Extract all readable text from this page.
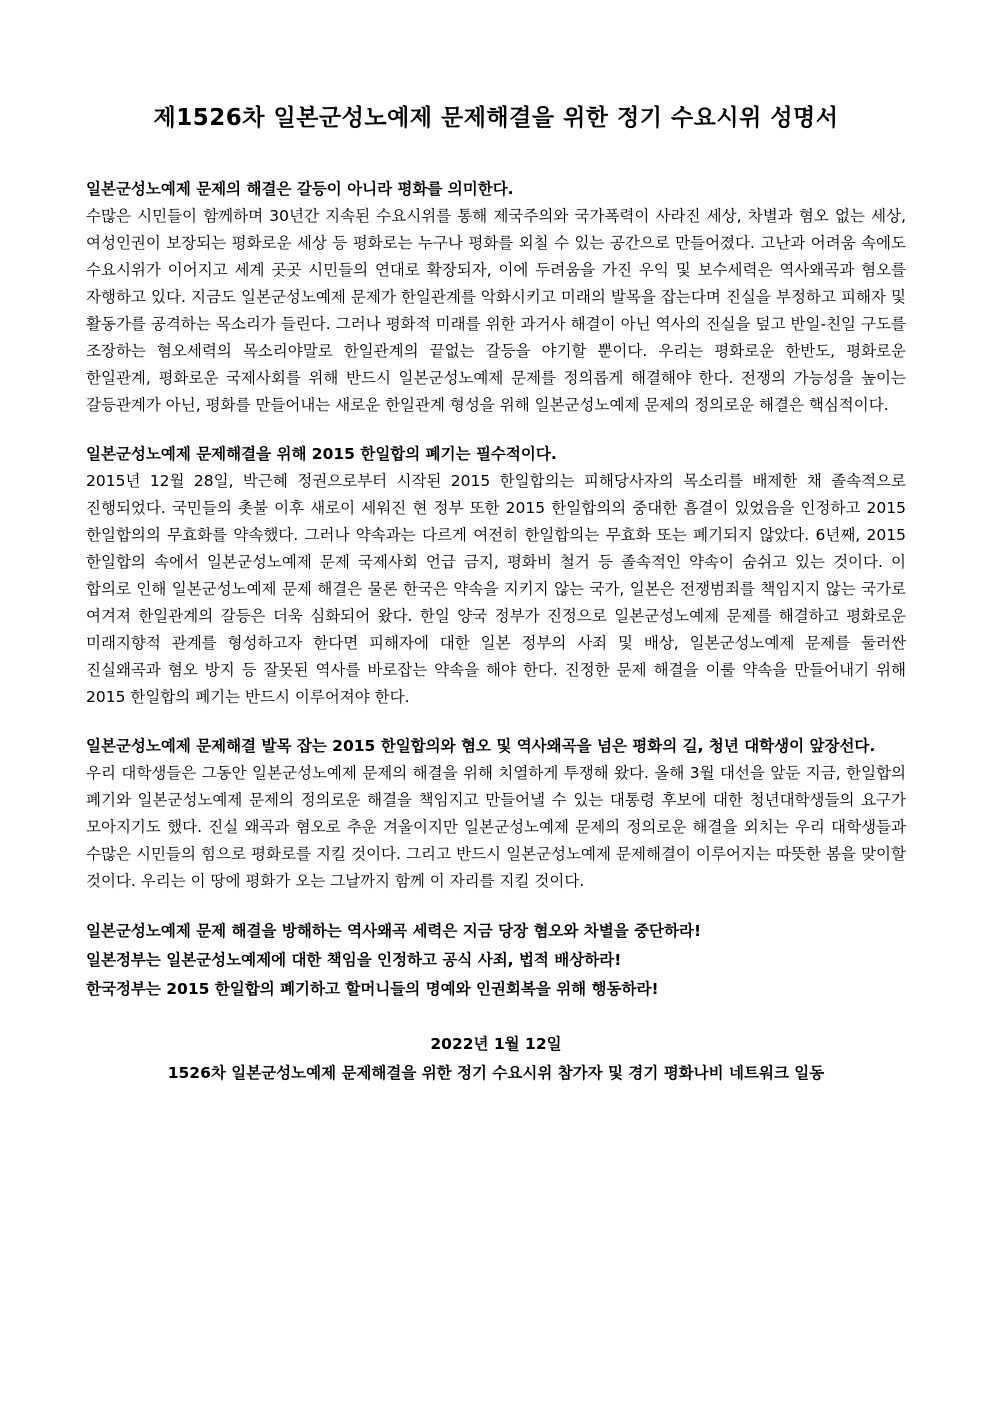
제1526차 일본군성노예제 문제해결을 위한 정기 수요시위 성명서
일본군성노예제 문제의 해결은 갈등이 아니라 평화를 의미한다.
수많은 시민들이 함께하며 30년간 지속된 수요시위를 통해 제국주의와 국가폭력이 사라진 세상, 차별과 혐오 없는 세상, 여성인권이 보장되는 평화로운 세상 등 평화로는 누구나 평화를 외칠 수 있는 공간으로 만들어졌다. 고난과 어려움 속에도 수요시위가 이어지고 세계 곳곳 시민들의 연대로 확장되자, 이에 두려움을 가진 우익 및 보수세력은 역사왜곡과 혐오를 자행하고 있다. 지금도 일본군성노예제 문제가 한일관계를 악화시키고 미래의 발목을 잡는다며 진실을 부정하고 피해자 및 활동가를 공격하는 목소리가 들린다. 그러나 평화적 미래를 위한 과거사 해결이 아닌 역사의 진실을 덮고 반일-친일 구도를 조장하는 혐오세력의 목소리야말로 한일관계의 끝없는 갈등을 야기할 뿐이다. 우리는 평화로운 한반도, 평화로운 한일관계, 평화로운 국제사회를 위해 반드시 일본군성노예제 문제를 정의롭게 해결해야 한다. 전쟁의 가능성을 높이는 갈등관계가 아닌, 평화를 만들어내는 새로운 한일관계 형성을 위해 일본군성노예제 문제의 정의로운 해결은 핵심적이다.
일본군성노예제 문제해결을 위해 2015 한일합의 폐기는 필수적이다.
2015년 12월 28일, 박근혜 정권으로부터 시작된 2015 한일합의는 피해당사자의 목소리를 배제한 채 졸속적으로 진행되었다. 국민들의 촛불 이후 새로이 세워진 현 정부 또한 2015 한일합의의 중대한 흠결이 있었음을 인정하고 2015 한일합의의 무효화를 약속했다. 그러나 약속과는 다르게 여전히 한일합의는 무효화 또는 폐기되지 않았다. 6년째, 2015 한일합의 속에서 일본군성노예제 문제 국제사회 언급 금지, 평화비 철거 등 졸속적인 약속이 숨쉬고 있는 것이다. 이 합의로 인해 일본군성노예제 문제 해결은 물론 한국은 약속을 지키지 않는 국가, 일본은 전쟁범죄를 책임지지 않는 국가로 여겨져 한일관계의 갈등은 더욱 심화되어 왔다. 한일 양국 정부가 진정으로 일본군성노예제 문제를 해결하고 평화로운 미래지향적 관계를 형성하고자 한다면 피해자에 대한 일본 정부의 사죄 및 배상, 일본군성노예제 문제를 둘러싼 진실왜곡과 혐오 방지 등 잘못된 역사를 바로잡는 약속을 해야 한다. 진정한 문제 해결을 이룰 약속을 만들어내기 위해 2015 한일합의 폐기는 반드시 이루어져야 한다.
일본군성노예제 문제해결 발목 잡는 2015 한일합의와 혐오 및 역사왜곡을 넘은 평화의 길, 청년 대학생이 앞장선다.
우리 대학생들은 그동안 일본군성노예제 문제의 해결을 위해 치열하게 투쟁해 왔다. 올해 3월 대선을 앞둔 지금, 한일합의 폐기와 일본군성노예제 문제의 정의로운 해결을 책임지고 만들어낼 수 있는 대통령 후보에 대한 청년대학생들의 요구가 모아지기도 했다. 진실 왜곡과 혐오로 추운 겨울이지만 일본군성노예제 문제의 정의로운 해결을 외치는 우리 대학생들과 수많은 시민들의 힘으로 평화로를 지킬 것이다. 그리고 반드시 일본군성노예제 문제해결이 이루어지는 따뜻한 봄을 맞이할 것이다. 우리는 이 땅에 평화가 오는 그날까지 함께 이 자리를 지킬 것이다.
일본군성노예제 문제 해결을 방해하는 역사왜곡 세력은 지금 당장 혐오와 차별을 중단하라!
일본정부는 일본군성노예제에 대한 책임을 인정하고 공식 사죄, 법적 배상하라!
한국정부는 2015 한일합의 폐기하고 할머니들의 명예와 인권회복을 위해 행동하라!
2022년 1월 12일
1526차 일본군성노예제 문제해결을 위한 정기 수요시위 참가자 및 경기 평화나비 네트워크 일동
